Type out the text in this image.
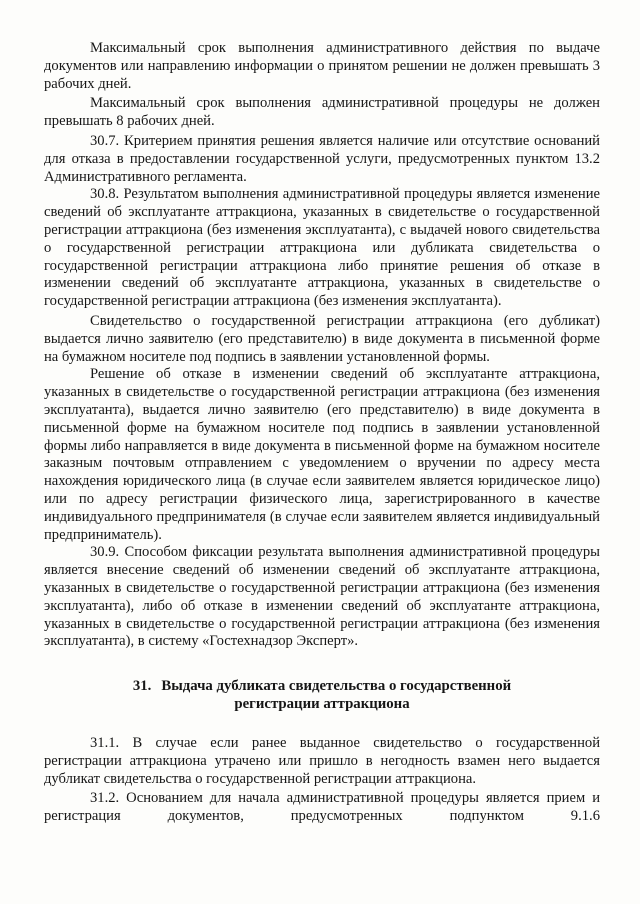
Максимальный срок выполнения административного действия по выдаче документов или направлению информации о принятом решении не должен превышать 3 рабочих дней.

Максимальный срок выполнения административной процедуры не должен превышать 8 рабочих дней.

30.7. Критерием принятия решения является наличие или отсутствие оснований для отказа в предоставлении государственной услуги, предусмотренных пунктом 13.2 Административного регламента.

30.8. Результатом выполнения административной процедуры является изменение сведений об эксплуатанте аттракциона, указанных в свидетельстве о государственной регистрации аттракциона (без изменения эксплуатанта), с выдачей нового свидетельства о государственной регистрации аттракциона или дубликата свидетельства о государственной регистрации аттракциона либо принятие решения об отказе в изменении сведений об эксплуатанте аттракциона, указанных в свидетельстве о государственной регистрации аттракциона (без изменения эксплуатанта).

Свидетельство о государственной регистрации аттракциона (его дубликат) выдается лично заявителю (его представителю) в виде документа в письменной форме на бумажном носителе под подпись в заявлении установленной формы.

Решение об отказе в изменении сведений об эксплуатанте аттракциона, указанных в свидетельстве о государственной регистрации аттракциона (без изменения эксплуатанта), выдается лично заявителю (его представителю) в виде документа в письменной форме на бумажном носителе под подпись в заявлении установленной формы либо направляется в виде документа в письменной форме на бумажном носителе заказным почтовым отправлением с уведомлением о вручении по адресу места нахождения юридического лица (в случае если заявителем является юридическое лицо) или по адресу регистрации физического лица, зарегистрированного в качестве индивидуального предпринимателя (в случае если заявителем является индивидуальный предприниматель).

30.9. Способом фиксации результата выполнения административной процедуры является внесение сведений об изменении сведений об эксплуатанте аттракциона, указанных в свидетельстве о государственной регистрации аттракциона (без изменения эксплуатанта), либо об отказе в изменении сведений об эксплуатанте аттракциона, указанных в свидетельстве о государственной регистрации аттракциона (без изменения эксплуатанта), в систему «Гостехнадзор Эксперт».

31. Выдача дубликата свидетельства о государственной
регистрации аттракциона

31.1. В случае если ранее выданное свидетельство о государственной регистрации аттракциона утрачено или пришло в негодность взамен него выдается дубликат свидетельства о государственной регистрации аттракциона.

31.2. Основанием для начала административной процедуры является прием и регистрация документов, предусмотренных подпунктом 9.1.6
